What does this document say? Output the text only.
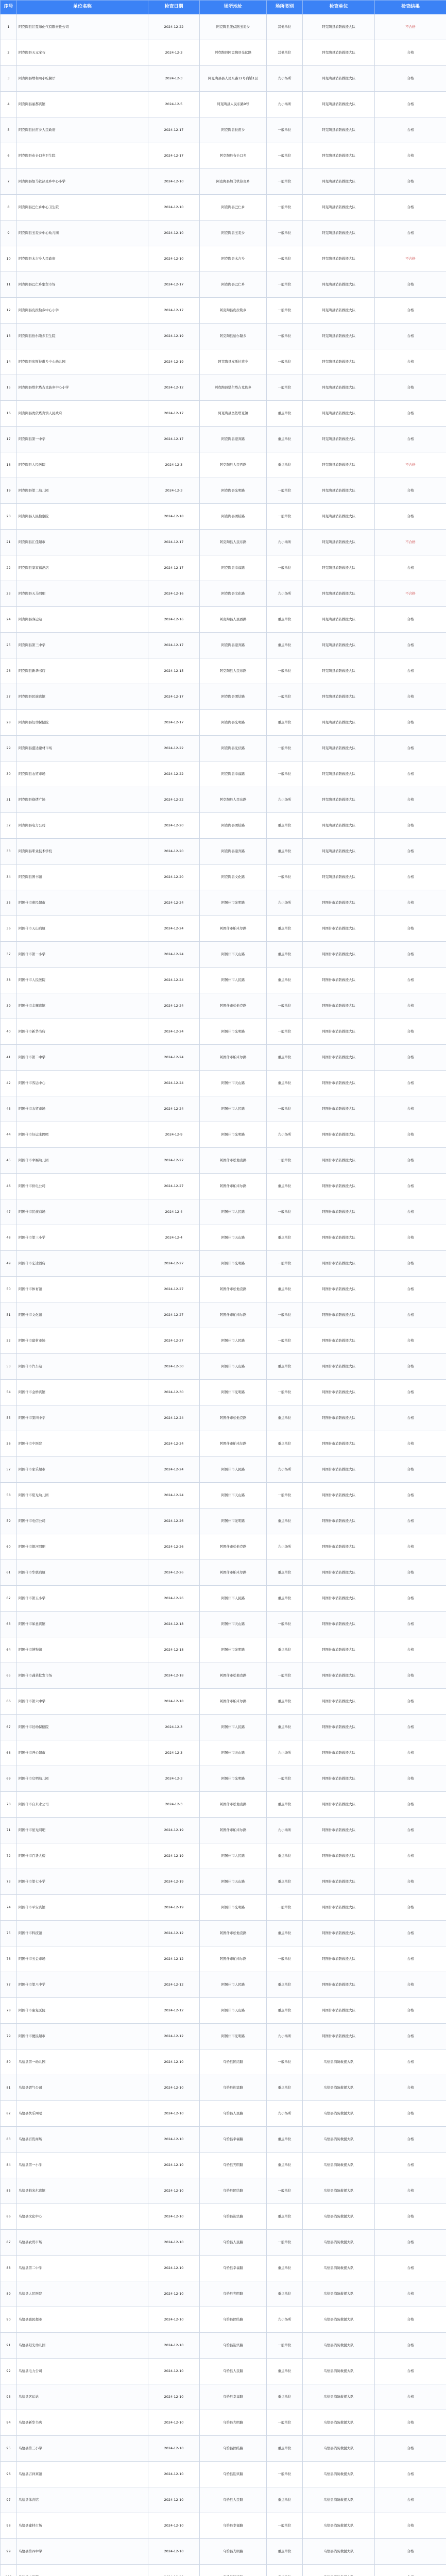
序号	单位名称	检查日期	场所地址	场所类别	检查单位	检查结果
1	阿克陶县江夏绿化气有限责任公司	2024-12-22	阿克陶县光伏路玉麦乡	其他单位	阿克陶县消防救援大队	不合格
2	阿克陶县天元宝石	2024-12-3	阿克陶县阿克陶县光伏路	其他单位	阿克陶县消防救援大队	合格
3	阿克陶县增和川小吃餐厅	2024-12-3	阿克陶县县人民东路12号商铺1层	九小场所	阿克陶县消防救援大队	合格
4	阿克陶县丽都宾馆	2024-12-5	阿克陶县人民东路9号	九小场所	阿克陶县消防救援大队	合格
5	阿克陶县拉甫乡人民政府	2024-12-17	阿克陶县拉甫乡	一般单位	阿克陶县消防救援大队	合格
6	阿克陶县布仑口乡卫生院	2024-12-17	阿克陶县布仑口乡	一般单位	阿克陶县消防救援大队	合格
7	阿克陶县加马铁热克乡中心小学	2024-12-10	阿克陶县加马铁热克乡	一般单位	阿克陶县消防救援大队	合格
8	阿克陶县巴仁乡中心卫生院	2024-12-10	阿克陶县巴仁乡	一般单位	阿克陶县消防救援大队	合格
9	阿克陶县玉麦乡中心幼儿园	2024-12-10	阿克陶县玉麦乡	一般单位	阿克陶县消防救援大队	合格
10	阿克陶县木吉乡人民政府	2024-12-10	阿克陶县木吉乡	一般单位	阿克陶县消防救援大队	不合格
11	阿克陶县巴仁乡集贸市场	2024-12-17	阿克陶县巴仁乡	一般单位	阿克陶县消防救援大队	合格
12	阿克陶县皮拉勒乡中心小学	2024-12-17	阿克陶县皮拉勒乡	一般单位	阿克陶县消防救援大队	合格
13	阿克陶县恰尔隆乡卫生院	2024-12-19	阿克陶县恰尔隆乡	一般单位	阿克陶县消防救援大队	合格
14	阿克陶县库斯拉甫乡中心幼儿园	2024-12-19	阿克陶县库斯拉甫乡	一般单位	阿克陶县消防救援大队	合格
15	阿克陶县塔尔塔吉克族乡中心小学	2024-12-12	阿克陶县塔尔塔吉克族乡	一般单位	阿克陶县消防救援大队	合格
16	阿克陶县奥依塔克镇人民政府	2024-12-17	阿克陶县奥依塔克镇	重点单位	阿克陶县消防救援大队	合格
17	阿克陶县第一中学	2024-12-17	阿克陶县迎宾路	重点单位	阿克陶县消防救援大队	合格
18	阿克陶县人民医院	2024-12-3	阿克陶县人民西路	重点单位	阿克陶县消防救援大队	不合格
19	阿克陶县第二幼儿园	2024-12-3	阿克陶县光明路	一般单位	阿克陶县消防救援大队	合格
20	阿克陶县人民检察院	2024-12-18	阿克陶县团结路	一般单位	阿克陶县消防救援大队	合格
21	阿克陶县汇佳超市	2024-12-17	阿克陶县人民东路	九小场所	阿克陶县消防救援大队	不合格
22	阿克陶县家家福酒店	2024-12-17	阿克陶县幸福路	一般单位	阿克陶县消防救援大队	合格
23	阿克陶县天马网吧	2024-12-16	阿克陶县文化路	九小场所	阿克陶县消防救援大队	不合格
24	阿克陶县客运站	2024-12-16	阿克陶县人民西路	重点单位	阿克陶县消防救援大队	合格
25	阿克陶县第三中学	2024-12-17	阿克陶县迎宾路	重点单位	阿克陶县消防救援大队	合格
26	阿克陶县新华书店	2024-12-15	阿克陶县人民东路	一般单位	阿克陶县消防救援大队	合格
27	阿克陶县民族宾馆	2024-12-17	阿克陶县团结路	一般单位	阿克陶县消防救援大队	合格
28	阿克陶县妇幼保健院	2024-12-17	阿克陶县光明路	重点单位	阿克陶县消防救援大队	合格
29	阿克陶县盛达建材市场	2024-12-22	阿克陶县光伏路	一般单位	阿克陶县消防救援大队	合格
30	阿克陶县农贸市场	2024-12-22	阿克陶县幸福路	一般单位	阿克陶县消防救援大队	合格
31	阿克陶县烧烤广场	2024-12-22	阿克陶县人民东路	九小场所	阿克陶县消防救援大队	合格
32	阿克陶县电力公司	2024-12-20	阿克陶县团结路	重点单位	阿克陶县消防救援大队	合格
33	阿克陶县职业技术学校	2024-12-20	阿克陶县迎宾路	重点单位	阿克陶县消防救援大队	合格
34	阿克陶县图书馆	2024-12-20	阿克陶县文化路	一般单位	阿克陶县消防救援大队	合格
35	阿图什市惠民超市	2024-12-24	阿图什市光明路	九小场所	阿图什市消防救援大队	合格
36	阿图什市天山商厦	2024-12-24	阿图什市帕米尔路	重点单位	阿图什市消防救援大队	合格
37	阿图什市第一小学	2024-12-24	阿图什市天山路	重点单位	阿图什市消防救援大队	合格
38	阿图什市人民医院	2024-12-24	阿图什市人民路	重点单位	阿图什市消防救援大队	合格
39	阿图什市金鹰宾馆	2024-12-24	阿图什市松他克路	一般单位	阿图什市消防救援大队	合格
40	阿图什市新华书店	2024-12-24	阿图什市光明路	一般单位	阿图什市消防救援大队	合格
41	阿图什市第二中学	2024-12-24	阿图什市帕米尔路	重点单位	阿图什市消防救援大队	合格
42	阿图什市客运中心	2024-12-24	阿图什市天山路	重点单位	阿图什市消防救援大队	合格
43	阿图什市农贸市场	2024-12-24	阿图什市人民路	一般单位	阿图什市消防救援大队	合格
44	阿图什市好运来网吧	2024-12-9	阿图什市光明路	九小场所	阿图什市消防救援大队	合格
45	阿图什市幸福幼儿园	2024-12-27	阿图什市松他克路	一般单位	阿图什市消防救援大队	合格
46	阿图什市供电公司	2024-12-27	阿图什市帕米尔路	重点单位	阿图什市消防救援大队	合格
47	阿图什市民族商场	2024-12-4	阿图什市人民路	一般单位	阿图什市消防救援大队	合格
48	阿图什市第三小学	2024-12-4	阿图什市天山路	重点单位	阿图什市消防救援大队	合格
49	阿图什市宏达酒店	2024-12-27	阿图什市光明路	一般单位	阿图什市消防救援大队	合格
50	阿图什市体育馆	2024-12-27	阿图什市松他克路	重点单位	阿图什市消防救援大队	合格
51	阿图什市文化馆	2024-12-27	阿图什市帕米尔路	一般单位	阿图什市消防救援大队	合格
52	阿图什市建材市场	2024-12-27	阿图什市人民路	一般单位	阿图什市消防救援大队	合格
53	阿图什市汽车站	2024-12-30	阿图什市天山路	重点单位	阿图什市消防救援大队	合格
54	阿图什市金桥宾馆	2024-12-30	阿图什市光明路	一般单位	阿图什市消防救援大队	合格
55	阿图什市第四中学	2024-12-24	阿图什市松他克路	重点单位	阿图什市消防救援大队	合格
56	阿图什市中医院	2024-12-24	阿图什市帕米尔路	重点单位	阿图什市消防救援大队	合格
57	阿图什市家乐超市	2024-12-24	阿图什市人民路	九小场所	阿图什市消防救援大队	合格
58	阿图什市阳光幼儿园	2024-12-24	阿图什市天山路	一般单位	阿图什市消防救援大队	合格
59	阿图什市电信公司	2024-12-26	阿图什市光明路	重点单位	阿图什市消防救援大队	合格
60	阿图什市银河网吧	2024-12-26	阿图什市松他克路	九小场所	阿图什市消防救援大队	合格
61	阿图什市华联商厦	2024-12-26	阿图什市帕米尔路	重点单位	阿图什市消防救援大队	合格
62	阿图什市第五小学	2024-12-26	阿图什市人民路	重点单位	阿图什市消防救援大队	合格
63	阿图什市如意宾馆	2024-12-18	阿图什市天山路	一般单位	阿图什市消防救援大队	合格
64	阿图什市博物馆	2024-12-18	阿图什市光明路	重点单位	阿图什市消防救援大队	合格
65	阿图什市蔬菜批发市场	2024-12-18	阿图什市松他克路	一般单位	阿图什市消防救援大队	合格
66	阿图什市第六中学	2024-12-18	阿图什市帕米尔路	重点单位	阿图什市消防救援大队	合格
67	阿图什市妇幼保健院	2024-12-3	阿图什市人民路	重点单位	阿图什市消防救援大队	合格
68	阿图什市开心超市	2024-12-3	阿图什市天山路	九小场所	阿图什市消防救援大队	合格
69	阿图什市启明幼儿园	2024-12-3	阿图什市光明路	一般单位	阿图什市消防救援大队	合格
70	阿图什市自来水公司	2024-12-3	阿图什市松他克路	重点单位	阿图什市消防救援大队	合格
71	阿图什市星光网吧	2024-12-19	阿图什市帕米尔路	九小场所	阿图什市消防救援大队	合格
72	阿图什市百货大楼	2024-12-19	阿图什市人民路	重点单位	阿图什市消防救援大队	合格
73	阿图什市第七小学	2024-12-19	阿图什市天山路	重点单位	阿图什市消防救援大队	合格
74	阿图什市平安宾馆	2024-12-19	阿图什市光明路	一般单位	阿图什市消防救援大队	合格
75	阿图什市科技馆	2024-12-12	阿图什市松他克路	重点单位	阿图什市消防救援大队	合格
76	阿图什市五金市场	2024-12-12	阿图什市帕米尔路	一般单位	阿图什市消防救援大队	合格
77	阿图什市第八中学	2024-12-12	阿图什市人民路	重点单位	阿图什市消防救援大队	合格
78	阿图什市康复医院	2024-12-12	阿图什市天山路	重点单位	阿图什市消防救援大队	合格
79	阿图什市便民超市	2024-12-12	阿图什市光明路	九小场所	阿图什市消防救援大队	合格
80	乌恰县第一幼儿园	2024-12-10	乌恰县团结路	一般单位	乌恰县消防救援大队	合格
81	乌恰县燃气公司	2024-12-10	乌恰县迎宾路	重点单位	乌恰县消防救援大队	合格
82	乌恰县快乐网吧	2024-12-10	乌恰县人民路	九小场所	乌恰县消防救援大队	合格
83	乌恰县百货商场	2024-12-10	乌恰县幸福路	重点单位	乌恰县消防救援大队	合格
84	乌恰县第一小学	2024-12-10	乌恰县光明路	重点单位	乌恰县消防救援大队	合格
85	乌恰县帕米尔宾馆	2024-12-10	乌恰县团结路	一般单位	乌恰县消防救援大队	合格
86	乌恰县文化中心	2024-12-10	乌恰县迎宾路	重点单位	乌恰县消防救援大队	合格
87	乌恰县农贸市场	2024-12-10	乌恰县人民路	一般单位	乌恰县消防救援大队	合格
88	乌恰县第二中学	2024-12-10	乌恰县幸福路	重点单位	乌恰县消防救援大队	合格
89	乌恰县人民医院	2024-12-10	乌恰县光明路	重点单位	乌恰县消防救援大队	合格
90	乌恰县惠民超市	2024-12-10	乌恰县团结路	九小场所	乌恰县消防救援大队	合格
91	乌恰县阳光幼儿园	2024-12-10	乌恰县迎宾路	一般单位	乌恰县消防救援大队	合格
92	乌恰县电力公司	2024-12-10	乌恰县人民路	重点单位	乌恰县消防救援大队	合格
93	乌恰县客运站	2024-12-10	乌恰县幸福路	重点单位	乌恰县消防救援大队	合格
94	乌恰县新华书店	2024-12-10	乌恰县光明路	一般单位	乌恰县消防救援大队	合格
95	乌恰县第三小学	2024-12-10	乌恰县团结路	重点单位	乌恰县消防救援大队	合格
96	乌恰县吉祥宾馆	2024-12-10	乌恰县迎宾路	一般单位	乌恰县消防救援大队	合格
97	乌恰县体育馆	2024-12-10	乌恰县人民路	重点单位	乌恰县消防救援大队	合格
98	乌恰县建材市场	2024-12-10	乌恰县幸福路	一般单位	乌恰县消防救援大队	合格
99	乌恰县第四中学	2024-12-10	乌恰县光明路	重点单位	乌恰县消防救援大队	合格
